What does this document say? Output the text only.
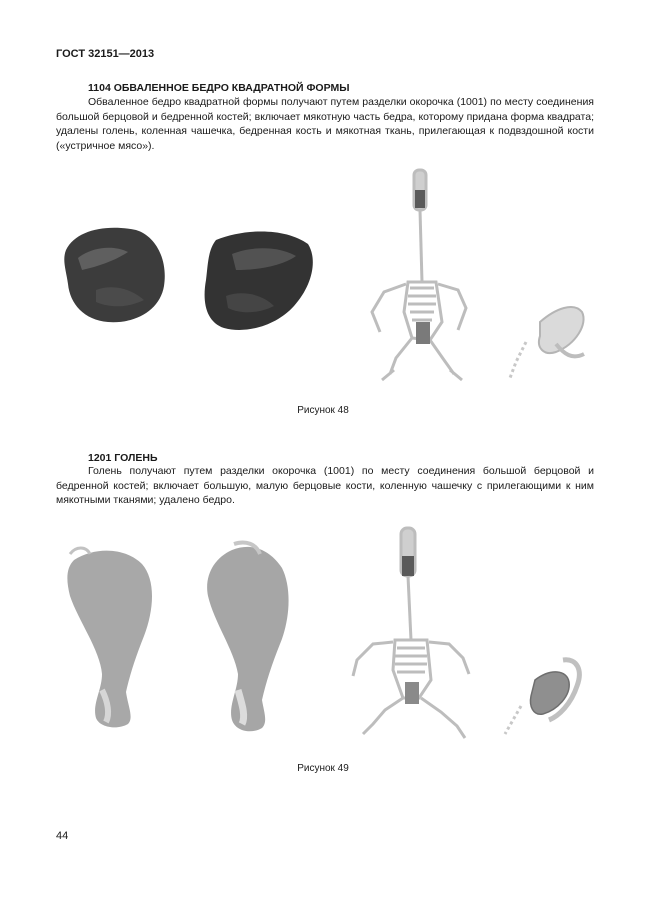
ГОСТ 32151—2013
1104 ОБВАЛЕННОЕ БЕДРО КВАДРАТНОЙ ФОРМЫ

Обваленное бедро квадратной формы получают путем разделки окорочка (1001) по месту соединения большой берцовой и бедренной костей; включает мякотную часть бедра, которому придана форма квадрата; удалены голень, коленная чашечка, бедренная кость и мякотная ткань, прилегающая к подвздошной кости («устричное мясо»).

Рисунок 48
1201 ГОЛЕНЬ

Голень получают путем разделки окорочка (1001) по месту соединения большой берцовой и бедренной костей; включает большую, малую берцовые кости, коленную чашечку с прилегающими к ним мякотными тканями; удалено бедро.

Рисунок 49
44
